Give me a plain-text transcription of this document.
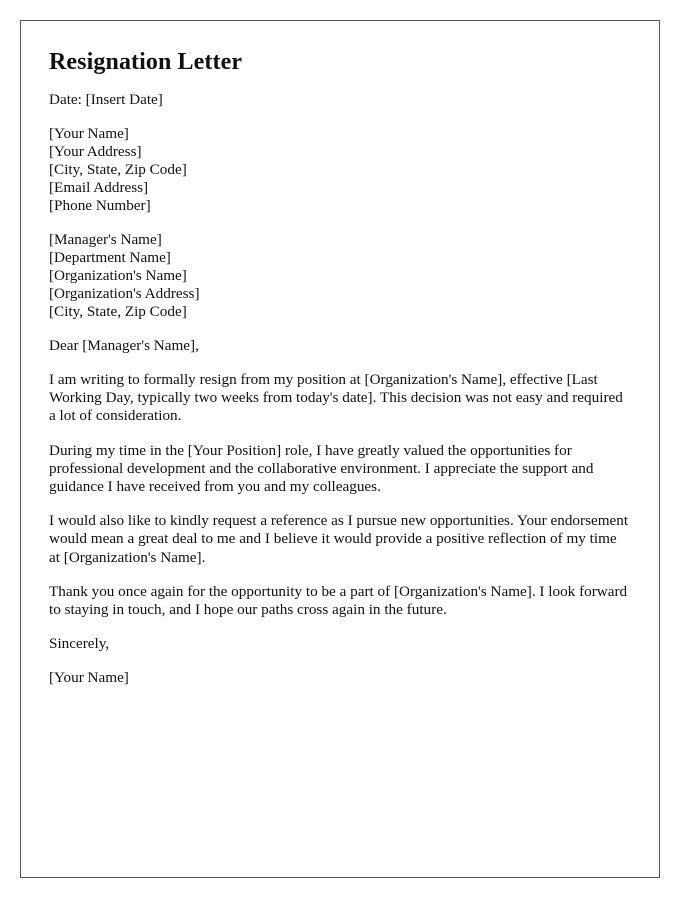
Resignation Letter

Date: [Insert Date]

[Your Name]

[Your Address]

[City, State, Zip Code]

[Email Address]

[Phone Number]

[Manager's Name]

[Department Name]

[Organization's Name]

[Organization's Address]

[City, State, Zip Code]

Dear [Manager's Name],

I am writing to formally resign from my position at [Organization's Name], effective [Last Working Day, typically two weeks from today's date]. This decision was not easy and required a lot of consideration.

During my time in the [Your Position] role, I have greatly valued the opportunities for professional development and the collaborative environment. I appreciate the support and guidance I have received from you and my colleagues.

I would also like to kindly request a reference as I pursue new opportunities. Your endorsement would mean a great deal to me and I believe it would provide a positive reflection of my time at [Organization's Name].

Thank you once again for the opportunity to be a part of [Organization's Name]. I look forward to staying in touch, and I hope our paths cross again in the future.

Sincerely,

[Your Name]
